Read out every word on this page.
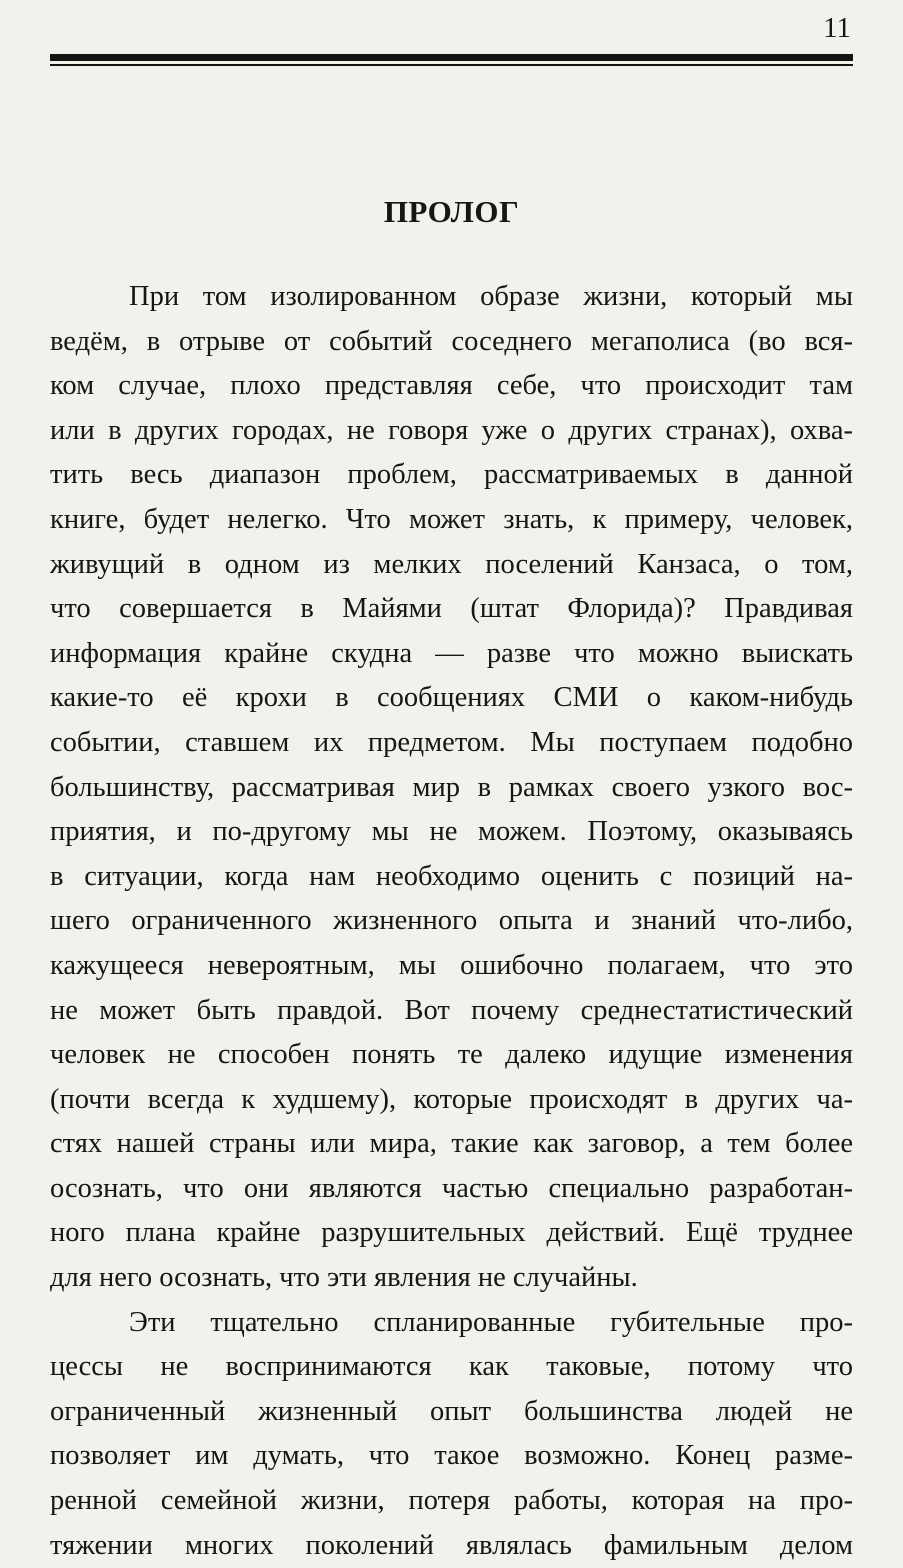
11
ПРОЛОГ
При том изолированном образе жизни, который мы
ведём, в отрыве от событий соседнего мегаполиса (во вся-
ком случае, плохо представляя себе, что происходит там
или в других городах, не говоря уже о других странах), охва-
тить весь диапазон проблем, рассматриваемых в данной
книге, будет нелегко. Что может знать, к примеру, человек,
живущий в одном из мелких поселений Канзаса, о том,
что совершается в Майями (штат Флорида)? Правдивая
информация крайне скудна — разве что можно выискать
какие-то её крохи в сообщениях СМИ о каком-нибудь
событии, ставшем их предметом. Мы поступаем подобно
большинству, рассматривая мир в рамках своего узкого вос-
приятия, и по-другому мы не можем. Поэтому, оказываясь
в ситуации, когда нам необходимо оценить с позиций на-
шего ограниченного жизненного опыта и знаний что-либо,
кажущееся невероятным, мы ошибочно полагаем, что это
не может быть правдой. Вот почему среднестатистический
человек не способен понять те далеко идущие изменения
(почти всегда к худшему), которые происходят в других ча-
стях нашей страны или мира, такие как заговор, а тем более
осознать, что они являются частью специально разработан-
ного плана крайне разрушительных действий. Ещё труднее
для него осознать, что эти явления не случайны.
Эти тщательно спланированные губительные про-
цессы не воспринимаются как таковые, потому что
ограниченный жизненный опыт большинства людей не
позволяет им думать, что такое возможно. Конец разме-
ренной семейной жизни, потеря работы, которая на про-
тяжении многих поколений являлась фамильным делом
